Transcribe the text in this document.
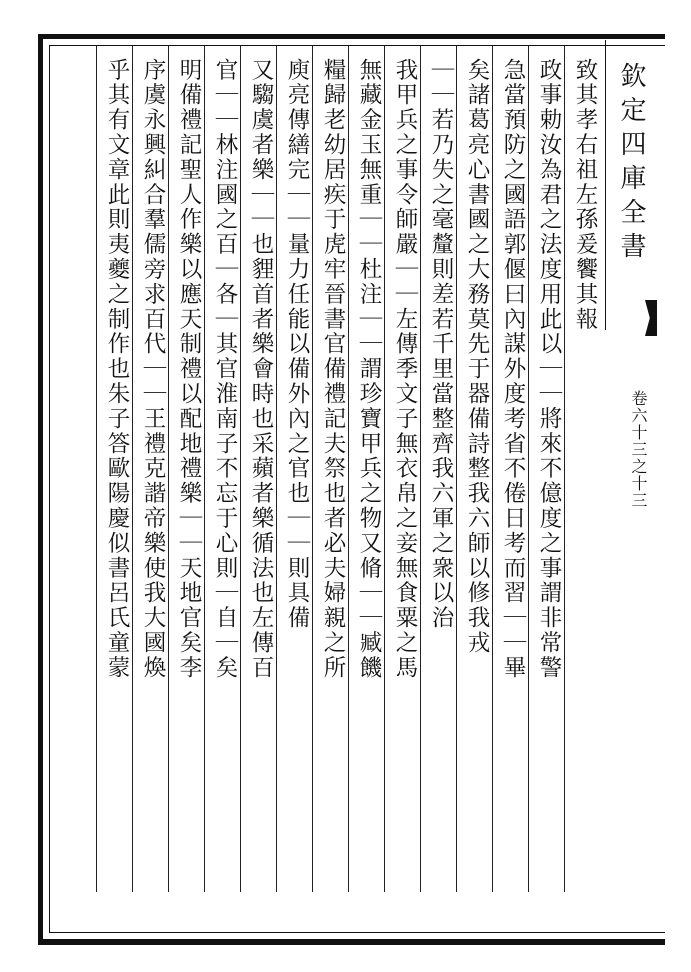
欽定四庫全書
卷六十三之十三
致其孝右祖左孫爰饗其報
政事勅汝為君之法度用此以｜｜將來不億度之事謂非常警
急當預防之國語郭偃曰內謀外度考省不倦日考而習｜｜畢
矣諸葛亮心書國之大務莫先于器備詩整我六師以修我戎
｜｜若乃失之毫釐則差若千里當整齊我六軍之衆以治
我甲兵之事令師嚴｜｜左傳季文子無衣帛之妾無食粟之馬
無藏金玉無重｜｜杜注｜｜謂珍寶甲兵之物又脩｜｜臧饑
糧歸老幼居疾于虎牢晉書官備禮記夫祭也者必夫婦親之所
庾亮傳繕完｜｜量力任能以備外內之官也｜｜則具備
又騶虞者樂｜｜也貍首者樂會時也采蘋者樂循法也左傳百
官｜｜林注國之百｜各｜其官淮南子不忘于心則｜自｜矣
明備禮記聖人作樂以應天制禮以配地禮樂｜｜天地官矣李
序虞永興糾合羣儒旁求百代｜｜王禮克諧帝樂使我大國煥
乎其有文章此則夷夔之制作也朱子答歐陽慶似書呂氏童蒙
